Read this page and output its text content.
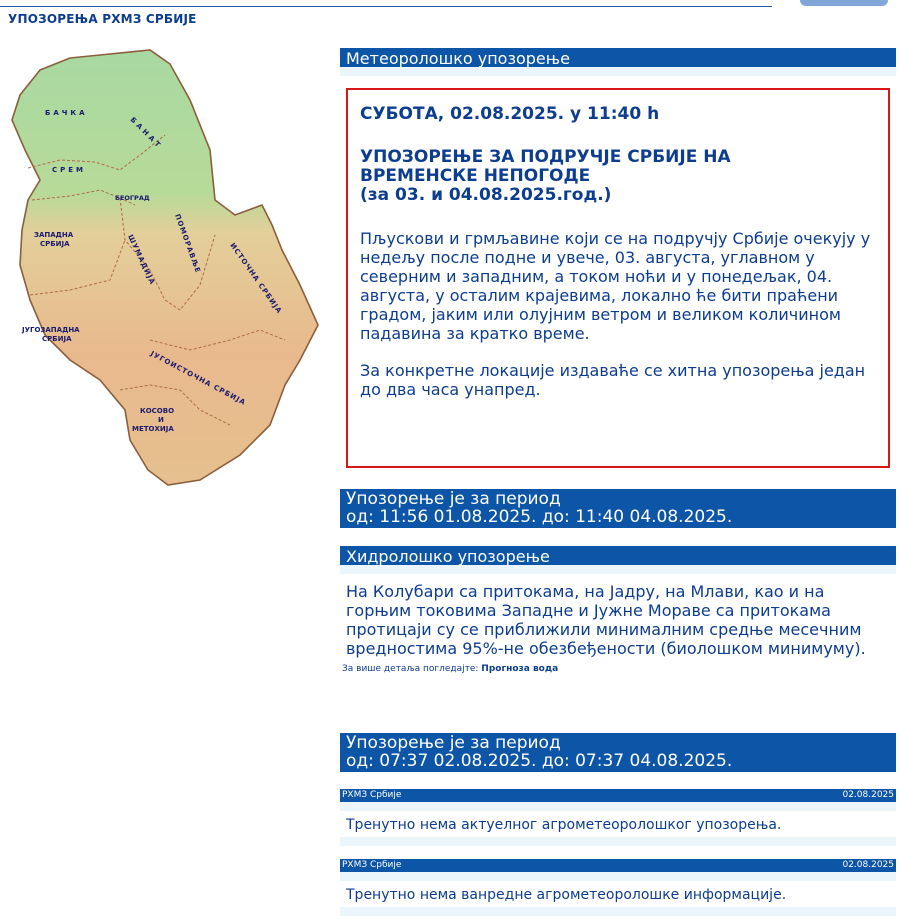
УПОЗОРЕЊА РХМЗ СРБИЈЕ
БАЧКА
БАНАТ
СРЕМ
БЕОГРАД
ЗАПАДНА
СРБИЈА	ШУМАДИЈА ПОМОРАВЉЕ	ИСТОЧНА СРБИЈА
ЈУГОЗАПАДНА
СРБИЈА
ЈУГОИСТОЧНА СРБИЈА
КОСОВО
И
МЕТОХИЈА
Метеоролошко упозорење

СУБОТА, 02.08.2025. у 11:40 h

УПОЗОРЕЊЕ ЗА ПОДРУЧЈЕ СРБИЈЕ НА
ВРЕМЕНСКЕ НЕПОГОДЕ
(за 03. и 04.08.2025.год.)

Пљускови и грмљавине који се на подручју Србије очекују у недељу после подне и увече, 03. августа, углавном у северним и западним, а током ноћи и у понедељак, 04. августа, у осталим крајевима, локално ће бити праћени градом, јаким или олујним ветром и великом количином падавина за кратко време.

За конкретне локације издаваће се хитна упозорења један до два часа унапред.

Упозорење је за период
од: 11:56 01.08.2025. до: 11:40 04.08.2025.
Хидролошко упозорење
На Колубари са притокама, на Јадру, на Млави, као и на горњим токовима Западне и Јужне Мораве са притокама протицаји су се приближили минималним средње месечним вредностима 95%-не обезбеђености (биолошком минимуму).
За више детаља погледајте: Прогноза вода
Упозорење је за период
од: 07:37 02.08.2025. до: 07:37 04.08.2025.
РХМЗ Србије	02.08.2025
Тренутно нема актуелног агрометеоролошког упозорења.
РХМЗ Србије	02.08.2025
Тренутно нема ванредне агрометеоролошке информације.
